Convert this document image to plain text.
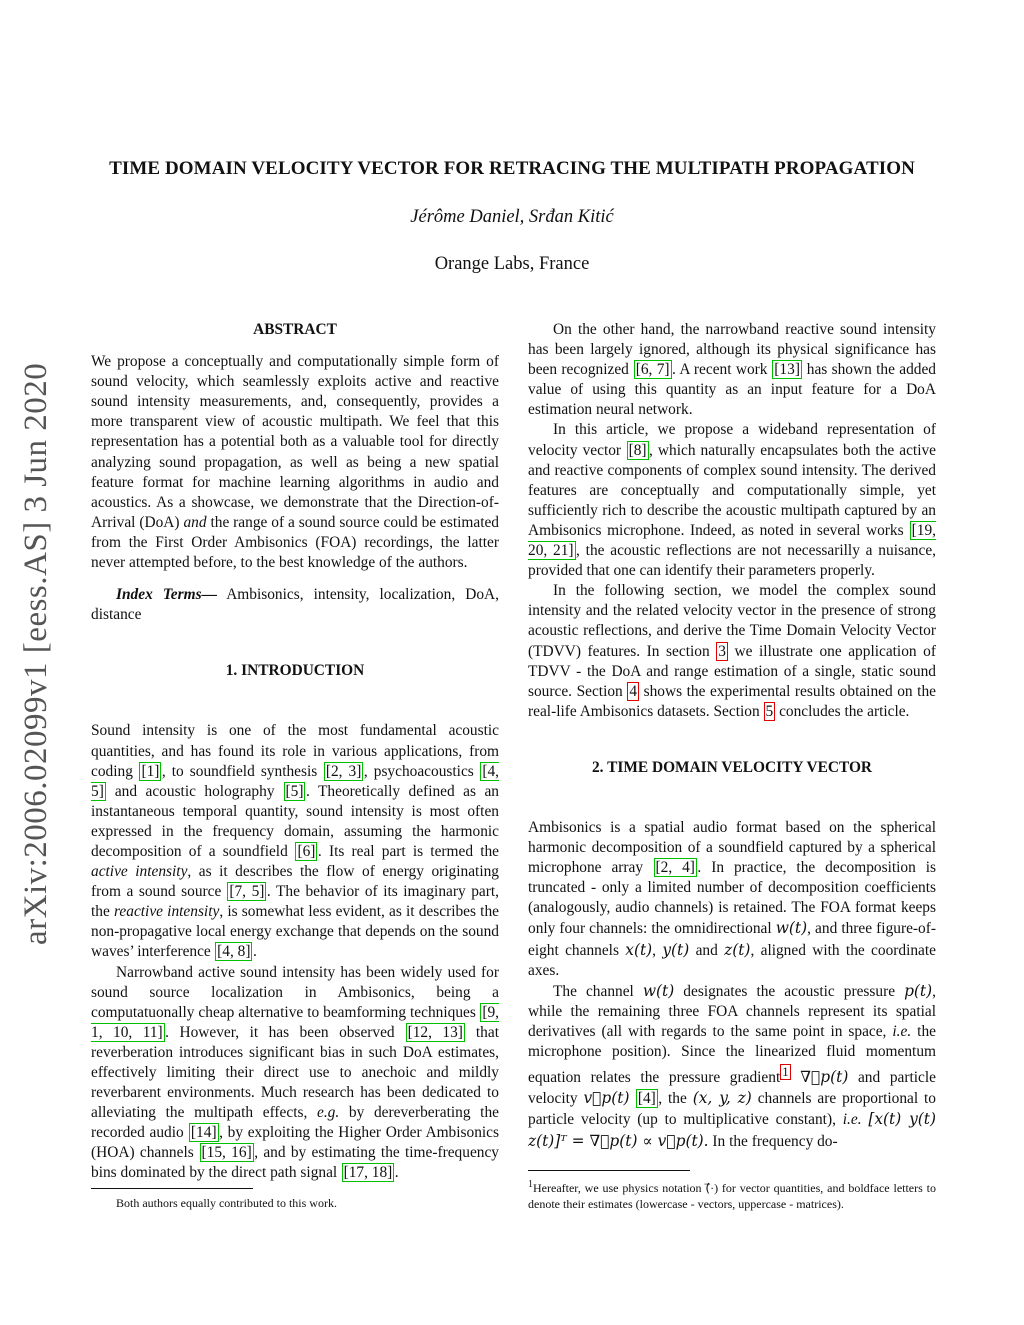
arXiv:2006.02099v1 [eess.AS] 3 Jun 2020
TIME DOMAIN VELOCITY VECTOR FOR RETRACING THE MULTIPATH PROPAGATION
Jérôme Daniel, Srđan Kitić
Orange Labs, France
ABSTRACT

We propose a conceptually and computationally simple form of sound velocity, which seamlessly exploits active and reactive sound intensity measurements, and, consequently, provides a more transparent view of acoustic multipath. We feel that this representation has a potential both as a valuable tool for directly analyzing sound propagation, as well as being a new spatial feature format for machine learning algorithms in audio and acoustics. As a showcase, we demonstrate that the Direction-of-Arrival (DoA) and the range of a sound source could be estimated from the First Order Ambisonics (FOA) recordings, the latter never attempted before, to the best knowledge of the authors.

Index Terms— Ambisonics, intensity, localization, DoA, distance

1. INTRODUCTION

Sound intensity is one of the most fundamental acoustic quantities, and has found its role in various applications, from coding [1] , to soundfield synthesis [2, 3] , psychoacoustics [4, 5] and acoustic holography [5] . Theoretically defined as an instantaneous temporal quantity, sound intensity is most often expressed in the frequency domain, assuming the harmonic decomposition of a soundfield [6] . Its real part is termed the active intensity, as it describes the flow of energy originating from a sound source [7, 5] . The behavior of its imaginary part, the reactive intensity, is somewhat less evident, as it describes the non-propagative local energy exchange that depends on the sound waves’ interference [4, 8] .

Narrowband active sound intensity has been widely used for sound source localization in Ambisonics, being a computatuonally cheap alternative to beamforming techniques [9, 1, 10, 11] . However, it has been observed [12, 13] that reverberation introduces significant bias in such DoA estimates, effectively limiting their direct use to anechoic and mildly reverbarent environments. Much research has been dedicated to alleviating the multipath effects, e.g. by dereverberating the recorded audio [14] , by exploiting the Higher Order Ambisonics (HOA) channels [15, 16] , and by estimating the time-frequency bins dominated by the direct path signal [17, 18] .

On the other hand, the narrowband reactive sound intensity has been largely ignored, although its physical significance has been recognized [6, 7] . A recent work [13] has shown the added value of using this quantity as an input feature for a DoA estimation neural network.

In this article, we propose a wideband representation of velocity vector [8] , which naturally encapsulates both the active and reactive components of complex sound intensity. The derived features are conceptually and computationally simple, yet sufficiently rich to describe the acoustic multipath captured by an Ambisonics microphone. Indeed, as noted in several works [19, 20, 21] , the acoustic reflections are not necessarilly a nuisance, provided that one can identify their parameters properly.

In the following section, we model the complex sound intensity and the related velocity vector in the presence of strong acoustic reflections, and derive the Time Domain Velocity Vector (TDVV) features. In section 3 we illustrate one application of TDVV - the DoA and range estimation of a single, static sound source. Section 4 shows the experimental results obtained on the real-life Ambisonics datasets. Section 5 concludes the article.

2. TIME DOMAIN VELOCITY VECTOR

Ambisonics is a spatial audio format based on the spherical harmonic decomposition of a soundfield captured by a spherical microphone array [2, 4] . In practice, the decomposition is truncated - only a limited number of decomposition coefficients (analogously, audio channels) is retained. The FOA format keeps only four channels: the omnidirectional w(t), and three figure-of-eight channels x(t), y(t) and z(t), aligned with the coordinate axes.

The channel w(t) designates the acoustic pressure p(t), while the remaining three FOA channels represent its spatial derivatives (all with regards to the same point in space, i.e. the microphone position). Since the linearized fluid momentum equation relates the pressure gradient $^1$ ∇⃗p(t) and particle velocity v⃗p(t) [4] , the (x, y, z) channels are proportional to particle velocity (up to multiplicative constant), i.e. [x(t) y(t) z(t)]ᵀ = ∇⃗p(t) ∝ v⃗p(t). In the frequency do-

Both authors equally contributed to this work.
$^1$Hereafter, we use physics notation (⃗·) for vector quantities, and boldface letters to denote their estimates (lowercase - vectors, uppercase - matrices).
